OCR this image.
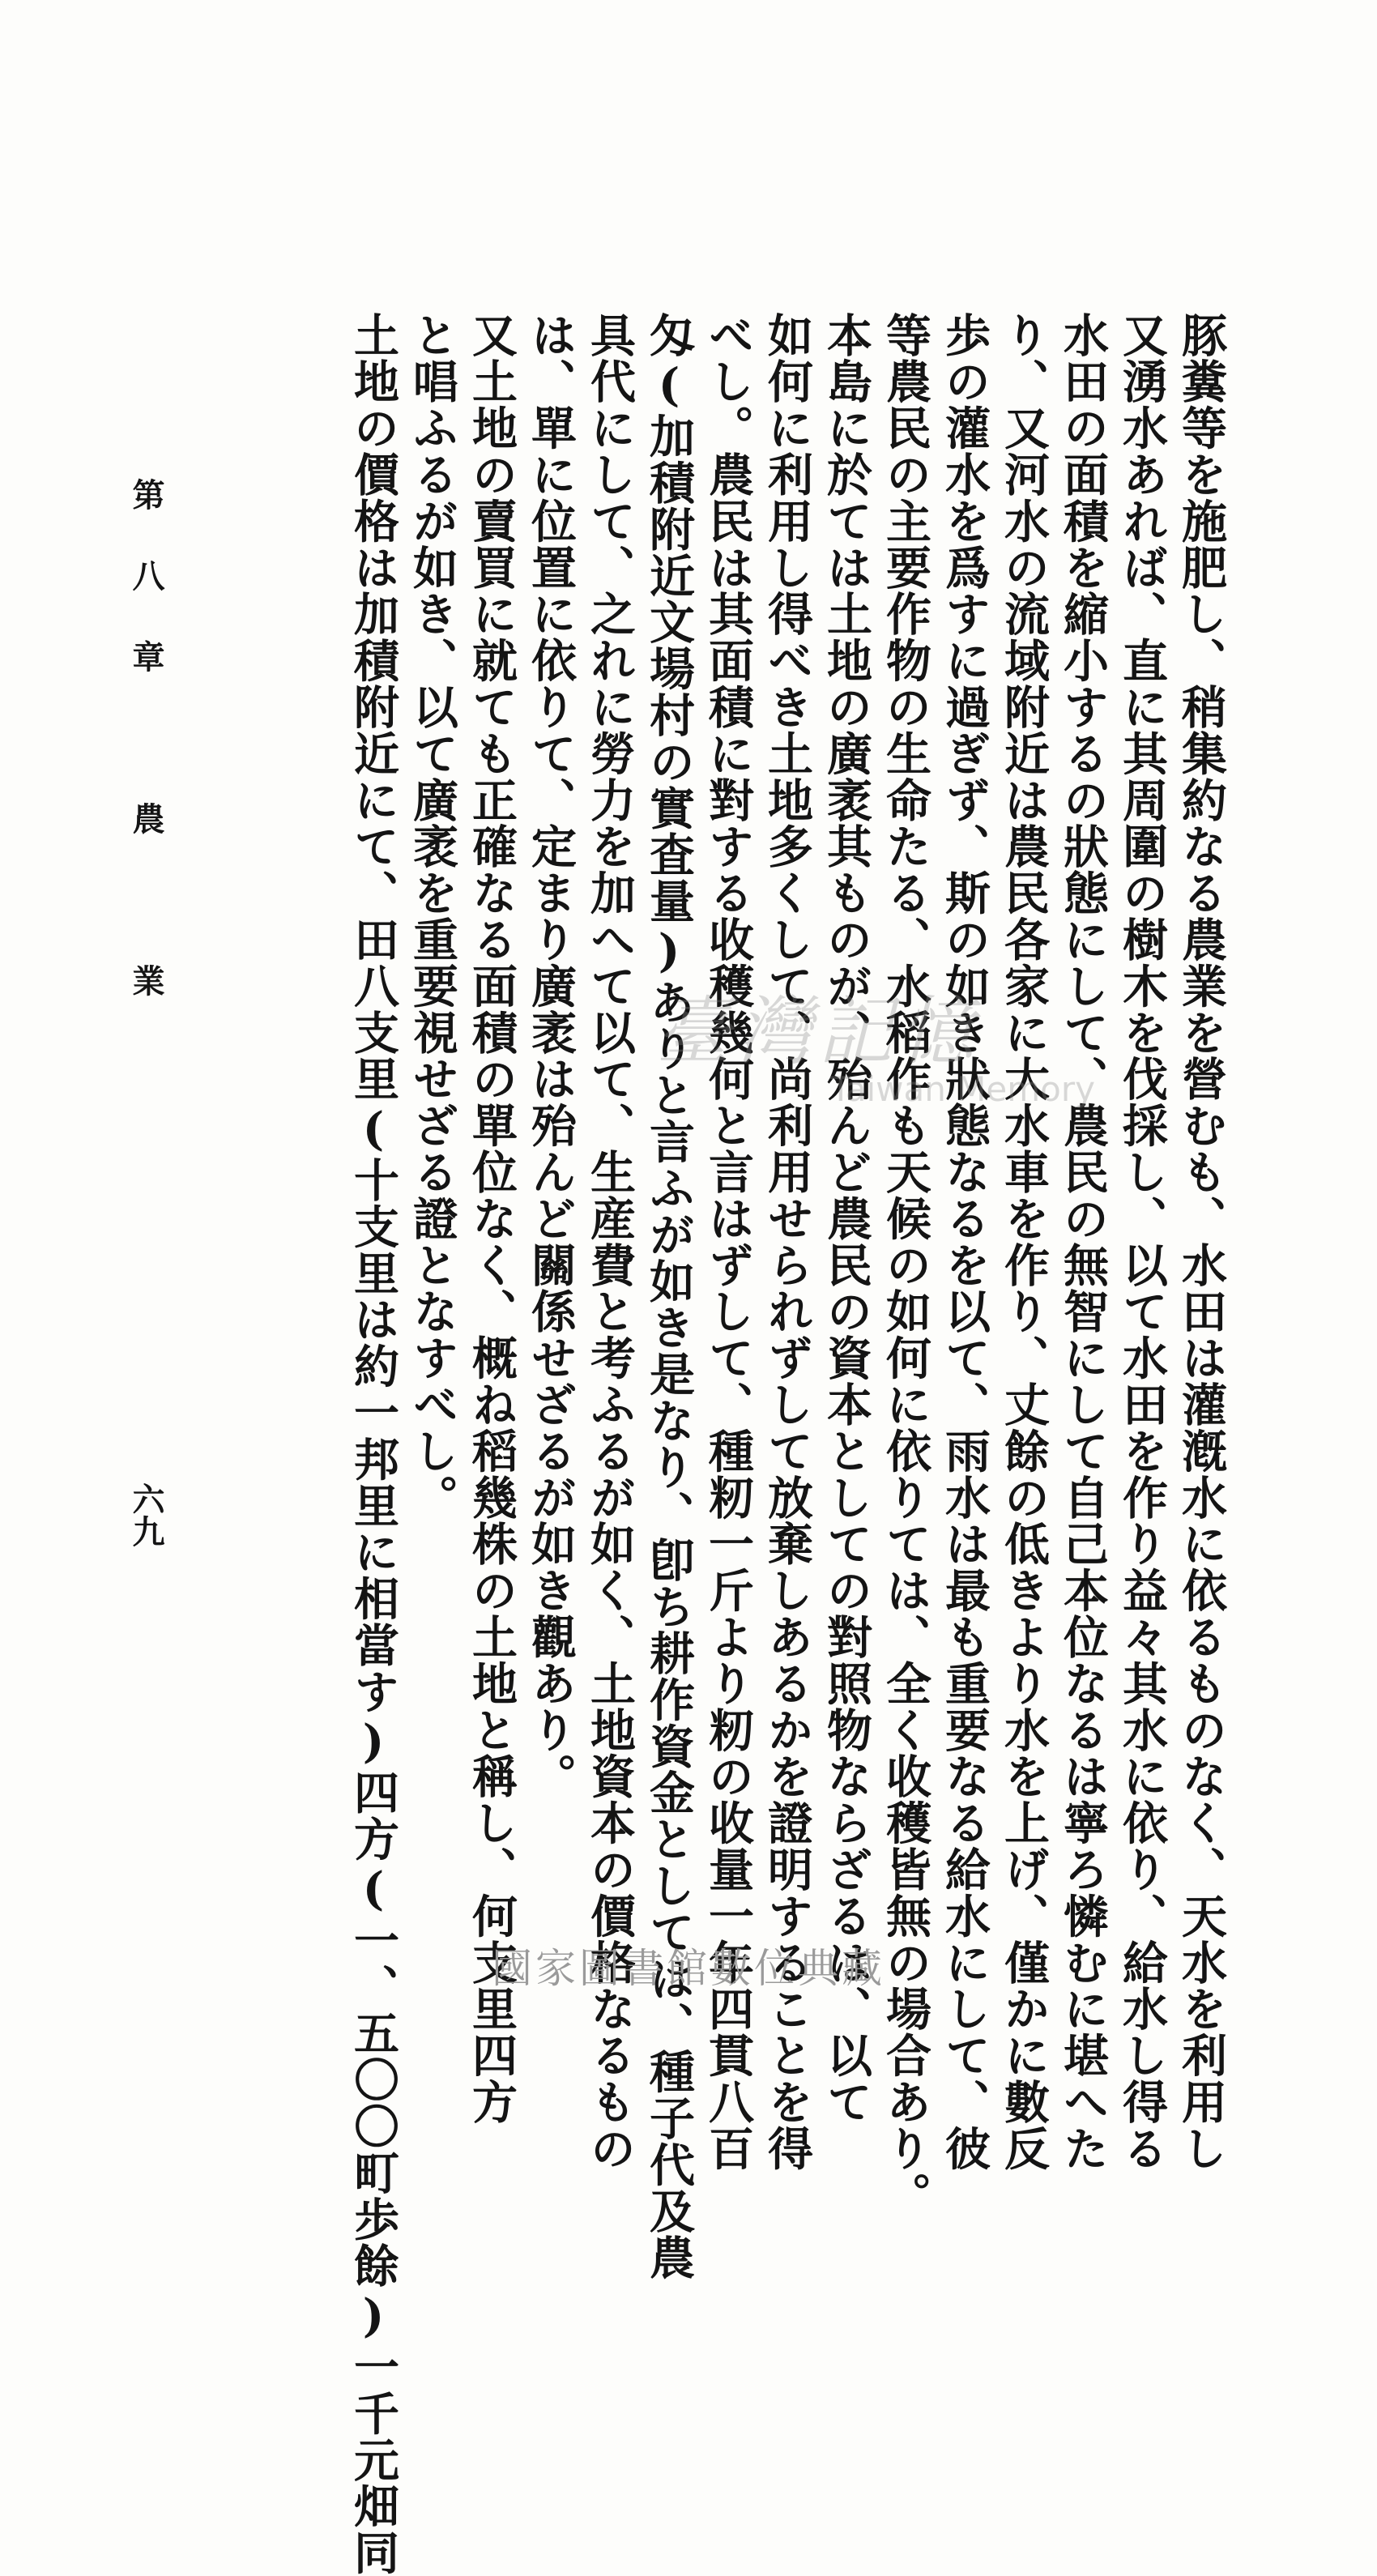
豚糞等を施肥し、稍集約なる農業を營むも、水田は灌漑水に依るものなく、天水を利用し
又湧水あれば、直に其周圍の樹木を伐採し、以て水田を作り益々其水に依り、給水し得る
水田の面積を縮小するの狀態にして、農民の無智にして自己本位なるは寧ろ憐むに堪へた
り、又河水の流域附近は農民各家に大水車を作り、丈餘の低きより水を上げ、僅かに數反
歩の灌水を爲すに過ぎず、斯の如き狀態なるを以て、雨水は最も重要なる給水にして、彼
等農民の主要作物の生命たる、水稻作も天候の如何に依りては、全く收穫皆無の場合あり。
本島に於ては土地の廣袤其ものが、殆んど農民の資本としての對照物ならざるは、以て
如何に利用し得べき土地多くして、尚利用せられずして放棄しあるかを證明することを得
べし。農民は其面積に對する收穫幾何と言はずして、種籾一斤より籾の收量一年四貫八百
匁(加積附近文場村の實査量)ありと言ふが如き是なり、卽ち耕作資金としては、種子代及農
具代にして、之れに勞力を加へて以て、生産費と考ふるが如く、土地資本の價格なるもの
は、單に位置に依りて、定まり廣袤は殆んど關係せざるが如き觀あり。
又土地の賣買に就ても正確なる面積の單位なく、概ね稻幾株の土地と稱し、何支里四方
と唱ふるが如き、以て廣袤を重要視せざる證となすべし。
土地の價格は加積附近にて、田八支里(十支里は約一邦里に相當す)四方(一、五〇〇町歩餘)一千元畑同
第八章　農　業
六九
臺灣記憶
Taiwan Memory
國家圖書館數位典藏
